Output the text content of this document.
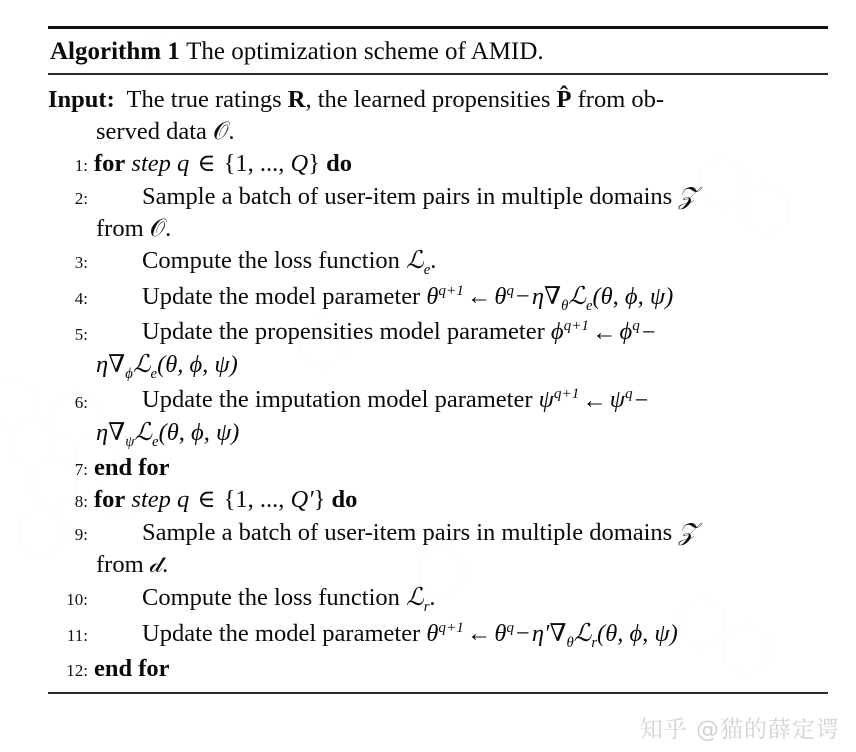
Algorithm 1 The optimization scheme of AMID.
Input: The true ratings R, the learned propensities P̂ from ob-
served data 𝒪.
1: for step q ∈ {1, ..., Q} do
2:	Sample a batch of user-item pairs in multiple domains 𝒵
from 𝒪.
3:	Compute the loss function ℒ$_e$.
4:	Update the model parameter $\theta^{q+1}$ ← $\theta^q-\eta\nabla_\theta ℒ_e(\theta$, ϕ, ψ)
5:	Update the propensities model parameter $\phi^{q+1}$ ← $\phi^q-$
$\eta\nabla_\phi ℒ_e(\theta$, ϕ, ψ)
6:	Update the imputation model parameter $\psi^{q+1}$ ← $\psi^q-$
$\eta\nabla_\psi ℒ_e(\theta$, ϕ, ψ)
7: end for
8: for step q ∈ {1, ..., Q′} do
9:	Sample a batch of user-item pairs in multiple domains 𝒵
from 𝒹.
10:	Compute the loss function ℒ$_r$.
11:	Update the model parameter $\theta^{q+1}$ ← $\theta^q-\eta'\nabla_\theta ℒ_r(\theta$, ϕ, ψ)
12: end for
知乎 @猫的薛定谔
